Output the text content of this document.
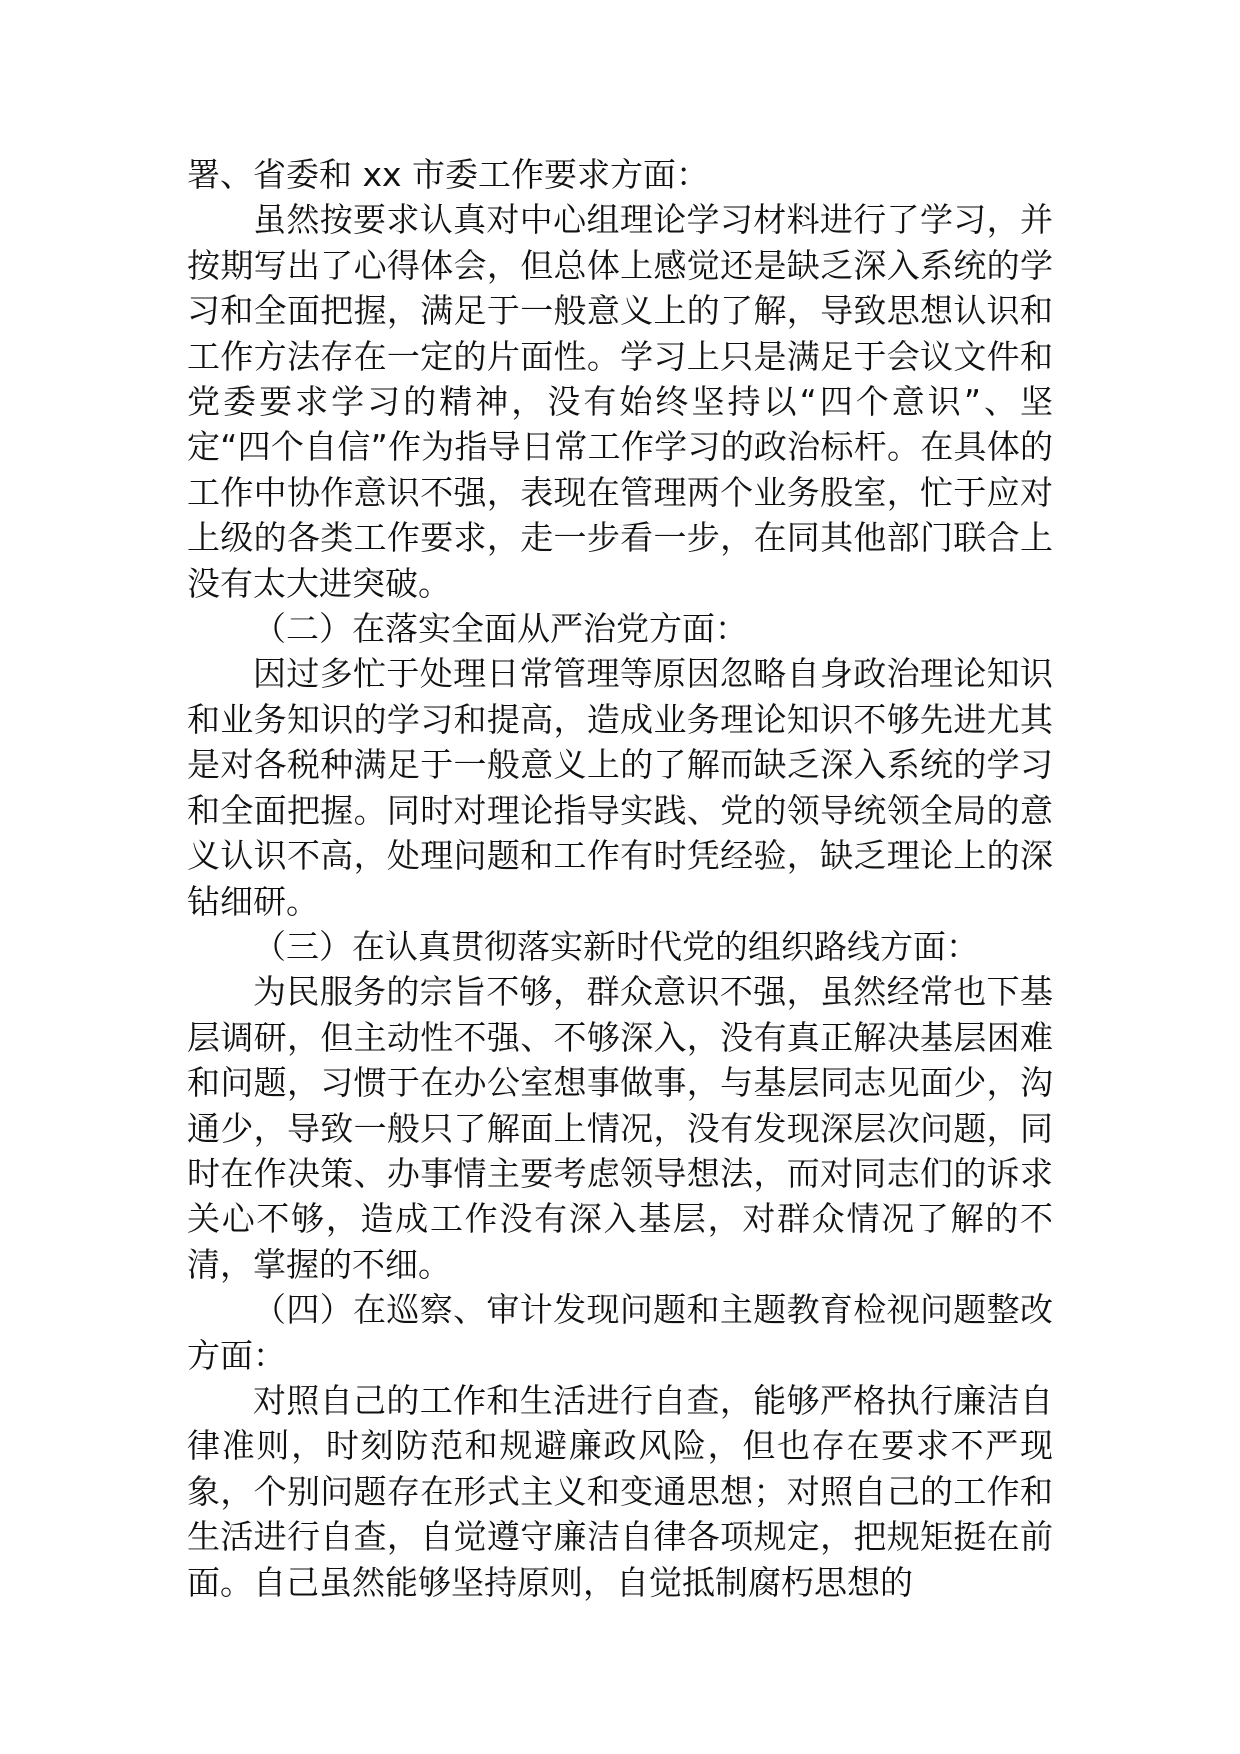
署、省委和 xx 市委工作要求方面：

虽然按要求认真对中心组理论学习材料进行了学习，并按期写出了心得体会，但总体上感觉还是缺乏深入系统的学习和全面把握，满足于一般意义上的了解，导致思想认识和工作方法存在一定的片面性。学习上只是满足于会议文件和党委要求学习的精神，没有始终坚持以“四个意识”、坚定“四个自信”作为指导日常工作学习的政治标杆。在具体的工作中协作意识不强，表现在管理两个业务股室，忙于应对上级的各类工作要求，走一步看一步，在同其他部门联合上没有太大进突破。

（二）在落实全面从严治党方面：

因过多忙于处理日常管理等原因忽略自身政治理论知识和业务知识的学习和提高，造成业务理论知识不够先进尤其是对各税种满足于一般意义上的了解而缺乏深入系统的学习和全面把握。同时对理论指导实践、党的领导统领全局的意义认识不高，处理问题和工作有时凭经验，缺乏理论上的深钻细研。

（三）在认真贯彻落实新时代党的组织路线方面：

为民服务的宗旨不够，群众意识不强，虽然经常也下基层调研，但主动性不强、不够深入，没有真正解决基层困难和问题，习惯于在办公室想事做事，与基层同志见面少，沟通少，导致一般只了解面上情况，没有发现深层次问题，同时在作决策、办事情主要考虑领导想法，而对同志们的诉求关心不够，造成工作没有深入基层，对群众情况了解的不清，掌握的不细。

（四）在巡察、审计发现问题和主题教育检视问题整改方面：

对照自己的工作和生活进行自查，能够严格执行廉洁自律准则，时刻防范和规避廉政风险，但也存在要求不严现象，个别问题存在形式主义和变通思想；对照自己的工作和生活进行自查，自觉遵守廉洁自律各项规定，把规矩挺在前面。自己虽然能够坚持原则，自觉抵制腐朽思想的
